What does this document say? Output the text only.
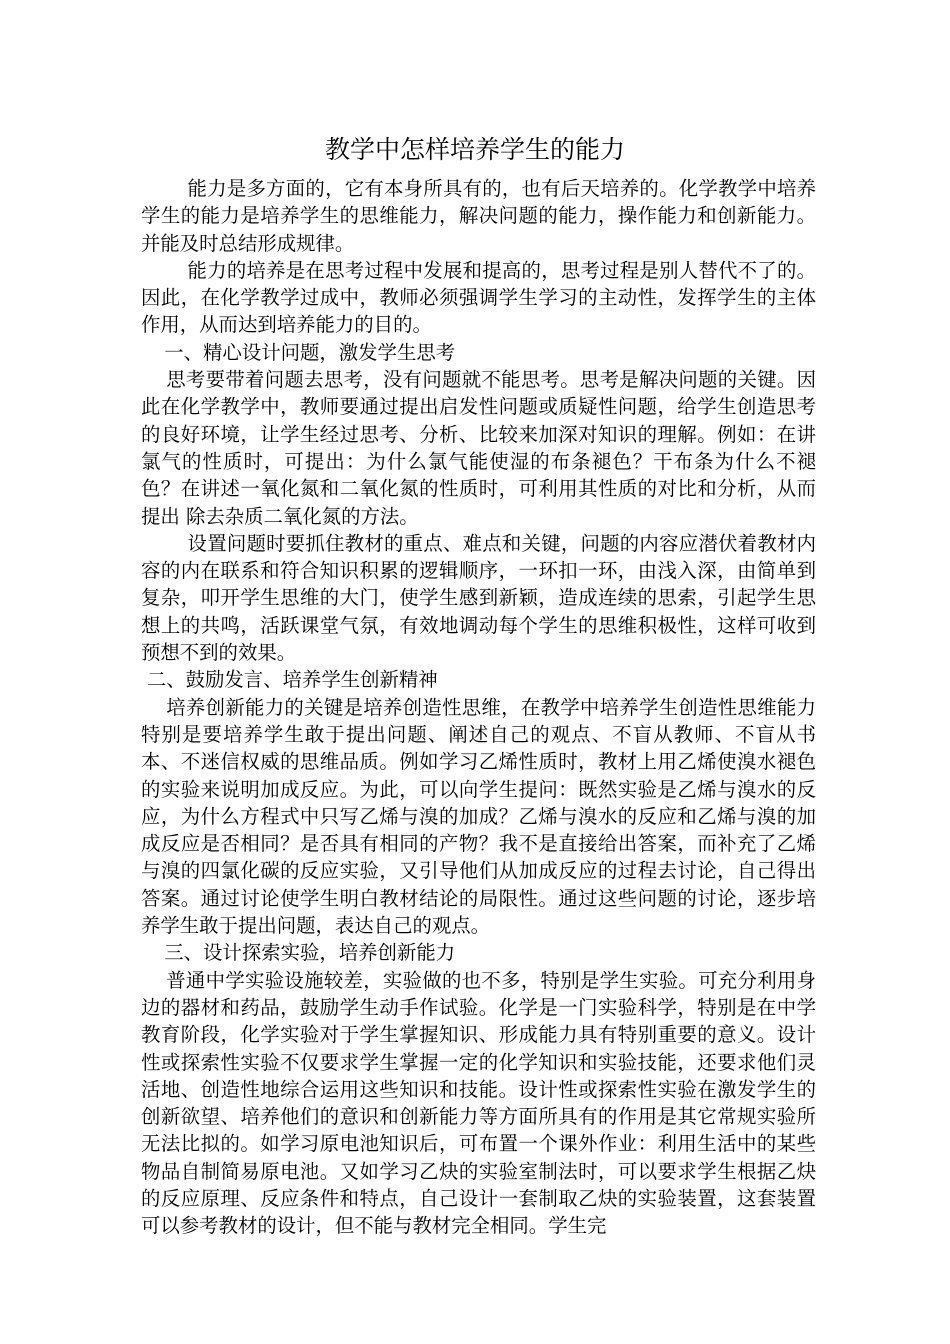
教学中怎样培养学生的能力

能力是多方面的，它有本身所具有的，也有后天培养的。化学教学中培养学生的能力是培养学生的思维能力，解决问题的能力，操作能力和创新能力。并能及时总结形成规律。

能力的培养是在思考过程中发展和提高的，思考过程是别人替代不了的。因此，在化学教学过成中，教师必须强调学生学习的主动性，发挥学生的主体作用，从而达到培养能力的目的。

一、精心设计问题，激发学生思考

思考要带着问题去思考，没有问题就不能思考。思考是解决问题的关键。因此在化学教学中，教师要通过提出启发性问题或质疑性问题，给学生创造思考的良好环境，让学生经过思考、分析、比较来加深对知识的理解。例如：在讲氯气的性质时，可提出：为什么氯气能使湿的布条褪色？干布条为什么不褪色？在讲述一氧化氮和二氧化氮的性质时，可利用其性质的对比和分析，从而提出 除去杂质二氧化氮的方法。

设置问题时要抓住教材的重点、难点和关键，问题的内容应潜伏着教材内容的内在联系和符合知识积累的逻辑顺序，一环扣一环，由浅入深，由简单到复杂，叩开学生思维的大门，使学生感到新颖，造成连续的思索，引起学生思想上的共鸣，活跃课堂气氛，有效地调动每个学生的思维积极性，这样可收到预想不到的效果。

二、鼓励发言、培养学生创新精神

培养创新能力的关键是培养创造性思维，在教学中培养学生创造性思维能力特别是要培养学生敢于提出问题、阐述自己的观点、不盲从教师、不盲从书本、不迷信权威的思维品质。例如学习乙烯性质时，教材上用乙烯使溴水褪色的实验来说明加成反应。为此，可以向学生提问：既然实验是乙烯与溴水的反应，为什么方程式中只写乙烯与溴的加成？乙烯与溴水的反应和乙烯与溴的加成反应是否相同？是否具有相同的产物？我不是直接给出答案，而补充了乙烯与溴的四氯化碳的反应实验，又引导他们从加成反应的过程去讨论，自己得出答案。通过讨论使学生明白教材结论的局限性。通过这些问题的讨论，逐步培养学生敢于提出问题，表达自己的观点。

三、设计探索实验，培养创新能力

普通中学实验设施较差，实验做的也不多，特别是学生实验。可充分利用身边的器材和药品，鼓励学生动手作试验。化学是一门实验科学，特别是在中学教育阶段，化学实验对于学生掌握知识、形成能力具有特别重要的意义。设计性或探索性实验不仅要求学生掌握一定的化学知识和实验技能，还要求他们灵活地、创造性地综合运用这些知识和技能。设计性或探索性实验在激发学生的创新欲望、培养他们的意识和创新能力等方面所具有的作用是其它常规实验所无法比拟的。如学习原电池知识后，可布置一个课外作业：利用生活中的某些物品自制简易原电池。又如学习乙炔的实验室制法时，可以要求学生根据乙炔的反应原理、反应条件和特点，自己设计一套制取乙炔的实验装置，这套装置可以参考教材的设计，但不能与教材完全相同。学生完
